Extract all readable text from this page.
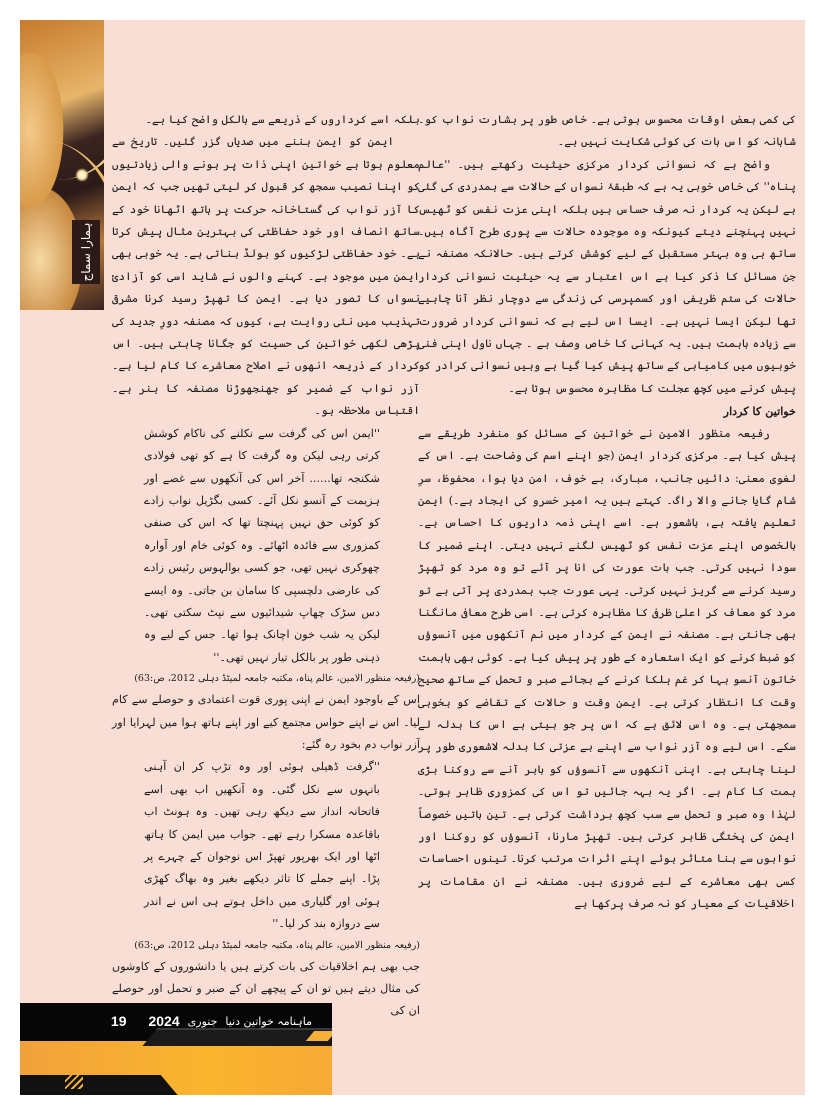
ہمارا سماج

کی کمی بعض اوقات محسوس ہوتی ہے۔ خاص طور پر بشارت نواب کو۔ شاہانہ کو اس بات کی کوئی شکایت نہیں ہے۔

واضح ہے کہ نسوانی کردار مرکزی حیثیت رکھتے ہیں۔ ''عالم پناہ'' کی خاص خوبی یہ ہے کہ طبقۂ نسواں کے حالات سے ہمدردی کی گئی ہے لیکن یہ کردار نہ صرف حساس ہیں بلکہ اپنی عزت نفس کو ٹھیس نہیں پہنچنے دیتے کیونکہ وہ موجودہ حالات سے پوری طرح آگاہ ہیں۔ ساتھ ہی وہ بہتر مستقبل کے لیے کوشش کرتے ہیں۔ حالانکہ مصنفہ نے جن مسائل کا ذکر کیا ہے اس اعتبار سے یہ حیثیت نسوانی کردار حالات کی ستم ظریفی اور کسمپرسی کی زندگی سے دوچار نظر آنا چاہیے تھا لیکن ایسا نہیں ہے۔ ایسا اس لیے ہے کہ نسوانی کردار ضرورت سے زیادہ باہمت ہیں۔ یہ کہانی کا خاص وصف ہے ۔ جہاں ناول اپنی فنی خوبیوں میں کامیابی کے ساتھ پیش کیا گیا ہے وہیں نسوانی کرادر کو پیش کرنے میں کچھ عجلت کا مظاہرہ محسوس ہوتا ہے۔

خواتین کا کردار

رفیعہ منظور الامین نے خواتین کے مسائل کو منفرد طریقے سے پیش کیا ہے۔ مرکزی کردار ایمن (جو اپنے اسم کی وضاحت ہے۔ اس کے لغوی معنی: دائیں جانب، مبارک، بے خوف، امن دیا ہوا، محفوظ، سرِ شام گایا جانے والا راگ۔ کہتے ہیں یہ امیر خسرو کی ایجاد ہے۔) ایمن تعلیم یافتہ ہے، باشعور ہے۔ اسے اپنی ذمہ داریوں کا احساس ہے۔ بالخصوص اپنے عزت نفس کو ٹھیس لگنے نہیں دیتی۔ اپنے ضمیر کا سودا نہیں کرتی۔ جب بات عورت کی انا پر آئے تو وہ مرد کو تھپڑ رسید کرنے سے گریز نہیں کرتی۔ یہی عورت جب ہمدردی پر آتی ہے تو مرد کو معاف کر اعلیٰ ظرفی کا مظاہرہ کرتی ہے۔ اسی طرح معافی مانگنا بھی جانتی ہے۔ مصنفہ نے ایمن کے کردار میں نم آنکھوں میں آنسوؤں کو ضبط کرنے کو ایک استعارہ کے طور پر پیش کیا ہے۔ کوئی بھی باہمت خاتون آنسو بہا کر غم ہلکا کرنے کے بجائے صبر و تحمل کے ساتھ صحیح وقت کا انتظار کرتی ہے۔ ایمن وقت و حالات کے تقاضے کو بخوبی سمجھتی ہے۔ وہ اس لائق ہے کہ اس پر جو بیتی ہے اس کا بدلہ لے سکے۔ اس لیے وہ آزر نواب سے اپنے بے عزتی کا بدلہ لاشعوری طور پر لینا چاہتی ہے۔ اپنی آنکھوں سے آنسوؤں کو باہر آنے سے روکنا بڑی ہمت کا کام ہے۔ اگر یہ بہہ جائیں تو اس کی کمزوری ظاہر ہوتی۔ لہٰذا وہ صبر و تحمل سے سب کچھ برداشت کرتی ہے۔ تین باتیں خصوصاً ایمن کی پختگی ظاہر کرتی ہیں۔ تھپڑ مارنا، آنسوؤں کو روکنا اور نوابوں سے بنا متاثر ہوئے اپنے اثرات مرتب کرنا۔ تینوں احساسات کسی بھی معاشرے کے لیے ضروری ہیں۔ مصنفہ نے ان مقامات پر اخلاقیات کے معیار کو نہ صرف پرکھا ہے

بلکہ اسے کرداروں کے ذریعے سے بالکل واضح کیا ہے۔

ایمن کو ایمن بننے میں صدیاں گزر گئیں۔ تاریخ سے معلوم ہوتا ہے خواتین اپنی ذات پر ہونے والی زیادتیوں کو اپنا نصیب سمجھ کر قبول کر لیتی تھیں جب کہ ایمن کا آزر نواب کی گستاخانہ حرکت پر ہاتھ اٹھانا خود کے ساتھ انصاف اور خود حفاظتی کی بہترین مثال پیش کرتا ہے۔ خود حفاظتی لڑکیوں کو بولڈ بناتی ہے۔ یہ خوبی بھی ایمن میں موجود ہے۔ کہنے والوں نے شاید اسی کو آزادیٔ نسواں کا تصور دیا ہے۔ ایمن کا تھپڑ رسید کرنا مشرقی تہذیب میں نئی روایت ہے، کیوں کہ مصنفہ دورِ جدید کی پڑھی لکھی خواتین کی حسیت کو جگانا چاہتی ہیں۔ اس کردار کے ذریعہ انھوں نے اصلاح معاشرے کا کام لیا ہے۔ آزر نواب کے ضمیر کو جھنجھوڑنا مصنفہ کا ہنر ہے۔ اقتباس ملاحظہ ہو۔

''ایمن اس کی گرفت سے نکلنے کی ناکام کوشش کرتی رہی لیکن وہ گرفت کا ہے کو تھی فولادی شکنجہ تھا...... آخر اس کی آنکھوں سے غصے اور ہزیمت کے آنسو نکل آئے۔ کسی بگڑیل نواب زادے کو کوئی حق نہیں پہنچتا تھا کہ اس کی صنفی کمزوری سے فائدہ اٹھائے۔ وہ کوئی خام اور آوارہ چھوکری نہیں تھی، جو کسی بوالہوس رئیس زادے کی عارضی دلچسپی کا سامان بن جاتی۔ وہ ایسے دس سڑک چھاپ شیدائیوں سے نپٹ سکتی تھی۔ لیکن یہ شب خون اچانک ہوا تھا۔ جس کے لیے وہ ذہنی طور پر بالکل تیار نہیں تھی۔''

(رفیعہ منظور الامین، عالم پناہ، مکتبہ جامعہ لمیٹڈ دہلی 2012، ص:63)

اس کے باوجود ایمن نے اپنی پوری قوت اعتمادی و حوصلے سے کام لیا۔ اس نے اپنے حواس مجتمع کیے اور اپنے ہاتھ ہوا میں لہرایا اور آزر نواب دم بخود رہ گئے:

''گرفت ڈھیلی ہوئی اور وہ تڑپ کر ان آہنی بانہوں سے نکل گئی۔ وہ آنکھیں اب بھی اسے فاتحانہ انداز سے دیکھ رہی تھیں۔ وہ ہونٹ اب باقاعدہ مسکرا رہے تھے۔ جواب میں ایمن کا ہاتھ اٹھا اور ایک بھرپور تھپڑ اس نوجوان کے چہرے پر پڑا۔ اپنے جملے کا تاثر دیکھے بغیر وہ بھاگ کھڑی ہوئی اور گلیاری میں داخل ہوتے ہی اس نے اندر سے دروازہ بند کر لیا۔''

(رفیعہ منظور الامین، عالم پناہ، مکتبہ جامعہ لمیٹڈ دہلی 2012، ص:63)

جب بھی ہم اخلاقیات کی بات کرتے ہیں یا دانشوروں کے کاوشوں کی مثال دیتے ہیں تو ان کے پیچھے ان کے صبر و تحمل اور حوصلے ان کی

ماہنامہ خواتین دنیا
جنوری
2024
19
